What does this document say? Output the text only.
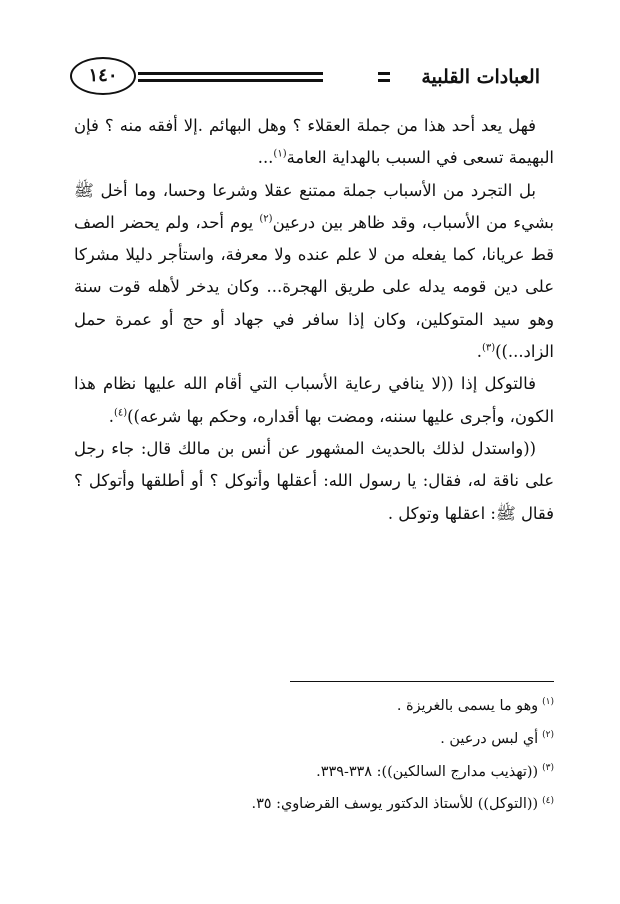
العبادات القلبية
١٤٠

فهل يعد أحد هذا من جملة العقلاء ؟ وهل البهائم .إلا أفقه منه ؟ فإن البهيمة تسعى في السبب بالهداية العامة$^{(١)}$...

بل التجرد من الأسباب جملة ممتنع عقلا وشرعا وحسا، وما أخل ﷺ بشيء من الأسباب، وقد ظاهر بين درعين$^{(٢)}$ يوم أحد، ولم يحضر الصف قط عريانا، كما يفعله من لا علم عنده ولا معرفة، واستأجر دليلا مشركا على دين قومه يدله على طريق الهجرة... وكان يدخر لأهله قوت سنة وهو سيد المتوكلين، وكان إذا سافر في جهاد أو حج أو عمرة حمل الزاد...))$^{(٣)}$.

فالتوكل إذا ((لا ينافي رعاية الأسباب التي أقام الله عليها نظام هذا الكون، وأجرى عليها سننه، ومضت بها أقداره، وحكم بها شرعه))$^{(٤)}$.

((واستدل لذلك بالحديث المشهور عن أنس بن مالك قال: جاء رجل على ناقة له، فقال: يا رسول الله: أعقلها وأتوكل ؟ أو أطلقها وأتوكل ؟ فقال ﷺ: اعقلها وتوكل .

$^{(١)}$وهو ما يسمى بالغريزة .

$^{(٢)}$أي لبس درعين .

$^{(٣)}$((تهذيب مدارج السالكين)): ٣٣٨-٣٣٩.

$^{(٤)}$((التوكل)) للأستاذ الدكتور يوسف القرضاوي: ٣٥.
